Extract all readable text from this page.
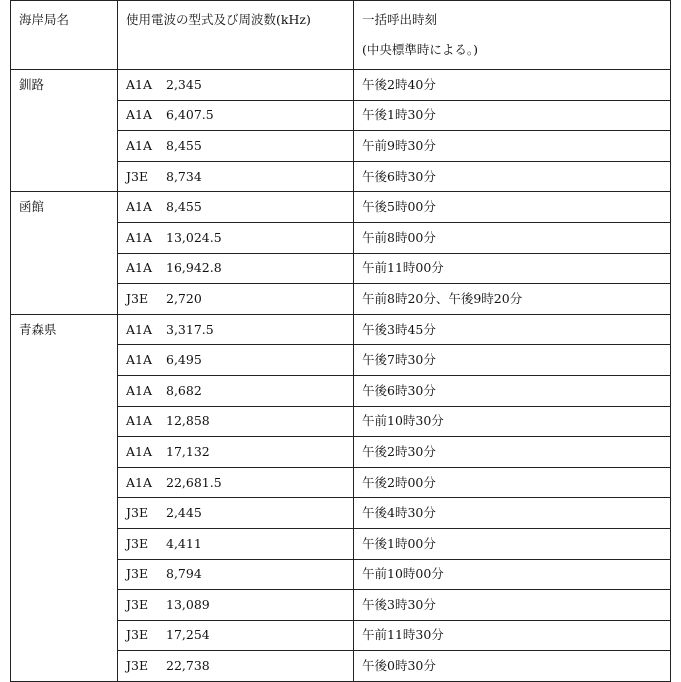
海岸局名	使用電波の型式及び周波数(kHz)	一括呼出時刻
(中央標準時による。)

釧路	A1A 2,345	午後2時40分
	A1A 6,407.5	午後1時30分
	A1A 8,455	午前9時30分
	J3E 8,734	午後6時30分
函館	A1A 8,455	午後5時00分
	A1A 13,024.5	午前8時00分
	A1A 16,942.8	午前11時00分
	J3E 2,720	午前8時20分、午後9時20分
青森県	A1A 3,317.5	午後3時45分
	A1A 6,495	午後7時30分
	A1A 8,682	午後6時30分
	A1A 12,858	午前10時30分
	A1A 17,132	午後2時30分
	A1A 22,681.5	午後2時00分
	J3E 2,445	午後4時30分
	J3E 4,411	午後1時00分
	J3E 8,794	午前10時00分
	J3E 13,089	午後3時30分
	J3E 17,254	午前11時30分
	J3E 22,738	午後0時30分
